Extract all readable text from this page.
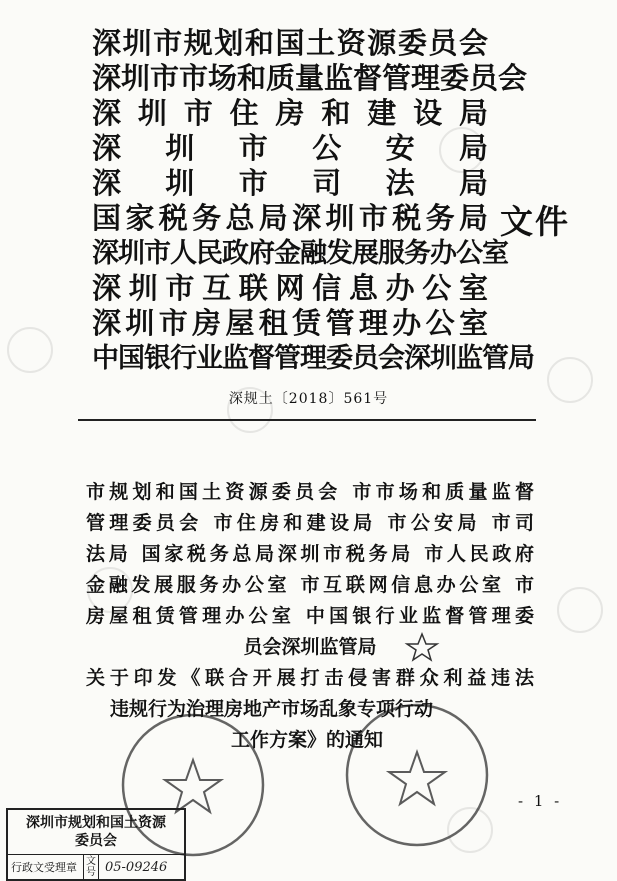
深圳市规划和国土资源委员会
深圳市市场和质量监督管理委员会
深圳市住房和建设局
深圳市公安局
深圳市司法局
国家税务总局深圳市税务局
深圳市人民政府金融发展服务办公室
深圳市互联网信息办公室
深圳市房屋租赁管理办公室
中国银行业监督管理委员会深圳监管局
文件
深规土〔2018〕561号
市规划和国土资源委员会 市市场和质量监督
管理委员会 市住房和建设局 市公安局 市司
法局 国家税务总局深圳市税务局 市人民政府
金融发展服务办公室 市互联网信息办公室 市
房屋租赁管理办公室 中国银行业监督管理委
员会深圳监管局
关于印发《联合开展打击侵害群众利益违法
违规行为治理房地产市场乱象专项行动
工作方案》的通知
- 1 -
深圳市规划和国土资源
委员会
行政文受理章 文号 05-09246
